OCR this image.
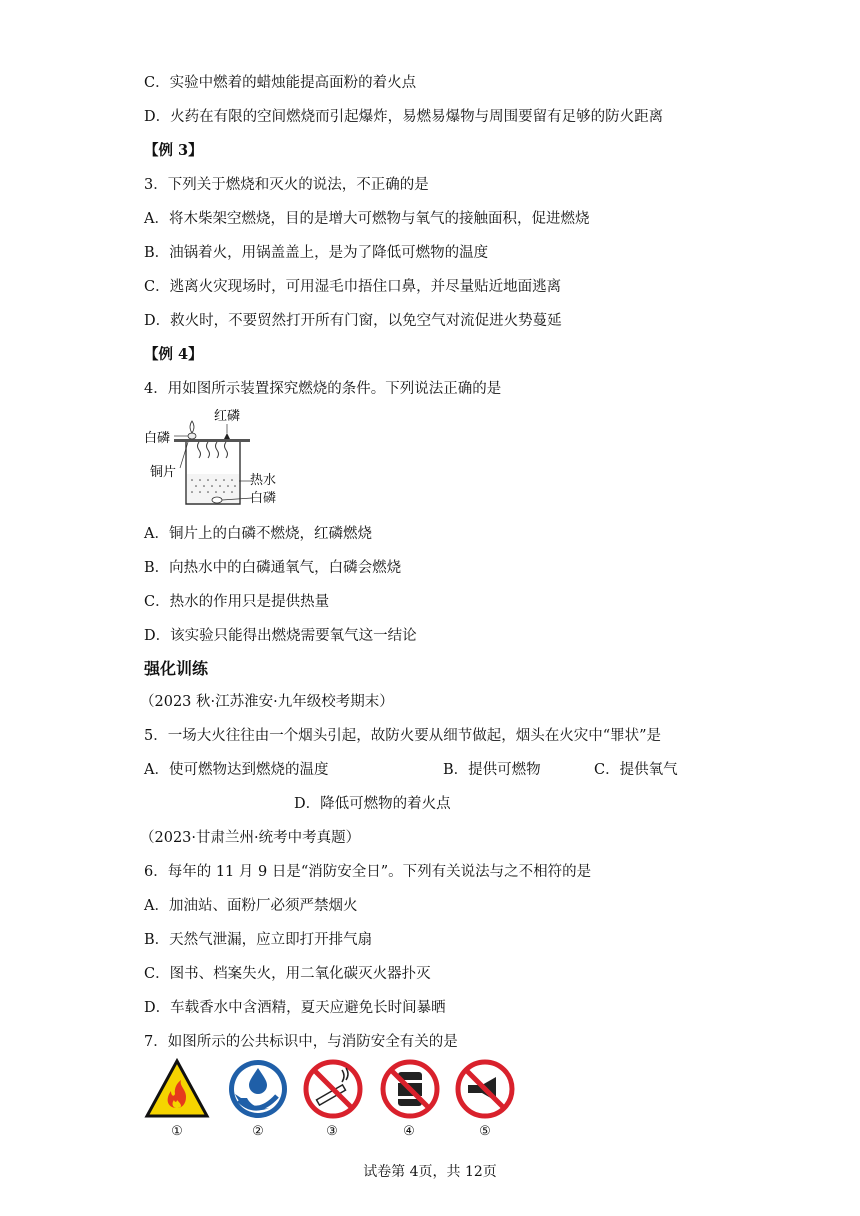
C．实验中燃着的蜡烛能提高面粉的着火点
D．火药在有限的空间燃烧而引起爆炸，易燃易爆物与周围要留有足够的防火距离
【例 3】
3．下列关于燃烧和灭火的说法，不正确的是
A．将木柴架空燃烧，目的是增大可燃物与氧气的接触面积，促进燃烧
B．油锅着火，用锅盖盖上，是为了降低可燃物的温度
C．逃离火灾现场时，可用湿毛巾捂住口鼻，并尽量贴近地面逃离
D．救火时，不要贸然打开所有门窗，以免空气对流促进火势蔓延
【例 4】
4．用如图所示装置探究燃烧的条件。下列说法正确的是
红磷
白磷
铜片
热水
白磷
A．铜片上的白磷不燃烧，红磷燃烧
B．向热水中的白磷通氧气，白磷会燃烧
C．热水的作用只是提供热量
D．该实验只能得出燃烧需要氧气这一结论
强化训练
（2023 秋·江苏淮安·九年级校考期末）
5．一场大火往往由一个烟头引起，故防火要从细节做起，烟头在火灾中“罪状”是
A．使可燃物达到燃烧的温度	B．提供可燃物	C．提供氧气
D．降低可燃物的着火点
（2023·甘肃兰州·统考中考真题）
6．每年的 11 月 9 日是“消防安全日”。下列有关说法与之不相符的是
A．加油站、面粉厂必须严禁烟火
B．天然气泄漏，应立即打开排气扇
C．图书、档案失火，用二氧化碳灭火器扑灭
D．车载香水中含酒精，夏天应避免长时间暴晒
7．如图所示的公共标识中，与消防安全有关的是
①	②	③	④	⑤
试卷第 4页，共 12页
